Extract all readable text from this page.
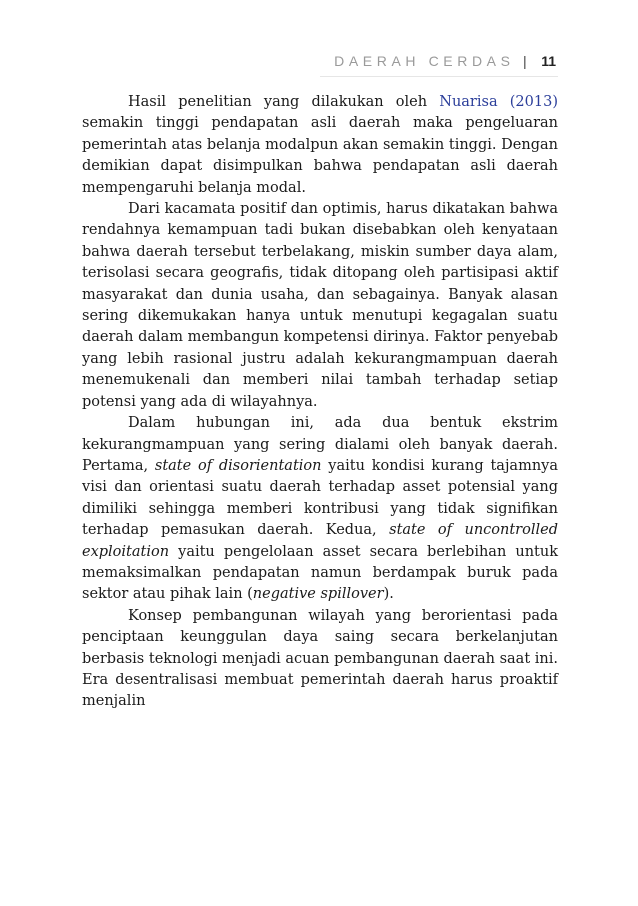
DAERAH CERDAS | 11

Hasil penelitian yang dilakukan oleh Nuarisa (2013) semakin tinggi pendapatan asli daerah maka pengeluaran pemerintah atas belanja modalpun akan semakin tinggi. Dengan demikian dapat disimpulkan bahwa pendapatan asli daerah mempengaruhi belanja modal.

Dari kacamata positif dan optimis, harus dikatakan bahwa rendahnya kemampuan tadi bukan disebabkan oleh kenyataan bahwa daerah tersebut terbelakang, miskin sumber daya alam, terisolasi secara geografis, tidak ditopang oleh partisipasi aktif masyarakat dan dunia usaha, dan sebagainya. Banyak alasan sering dikemukakan hanya untuk menutupi kegagalan suatu daerah dalam membangun kompetensi dirinya. Faktor penyebab yang lebih rasional justru adalah kekurangmampuan daerah menemukenali dan memberi nilai tambah terhadap setiap potensi yang ada di wilayahnya.

Dalam hubungan ini, ada dua bentuk ekstrim kekurangmampuan yang sering dialami oleh banyak daerah. Pertama, state of disorientation yaitu kondisi kurang tajamnya visi dan orientasi suatu daerah terhadap asset potensial yang dimiliki sehingga memberi kontribusi yang tidak signifikan terhadap pemasukan daerah. Kedua, state of uncontrolled exploitation yaitu pengelolaan asset secara berlebihan untuk memaksimalkan pendapatan namun berdampak buruk pada sektor atau pihak lain (negative spillover).

Konsep pembangunan wilayah yang berorientasi pada penciptaan keunggulan daya saing secara berkelanjutan berbasis teknologi menjadi acuan pembangunan daerah saat ini. Era desentralisasi membuat pemerintah daerah harus proaktif menjalin
